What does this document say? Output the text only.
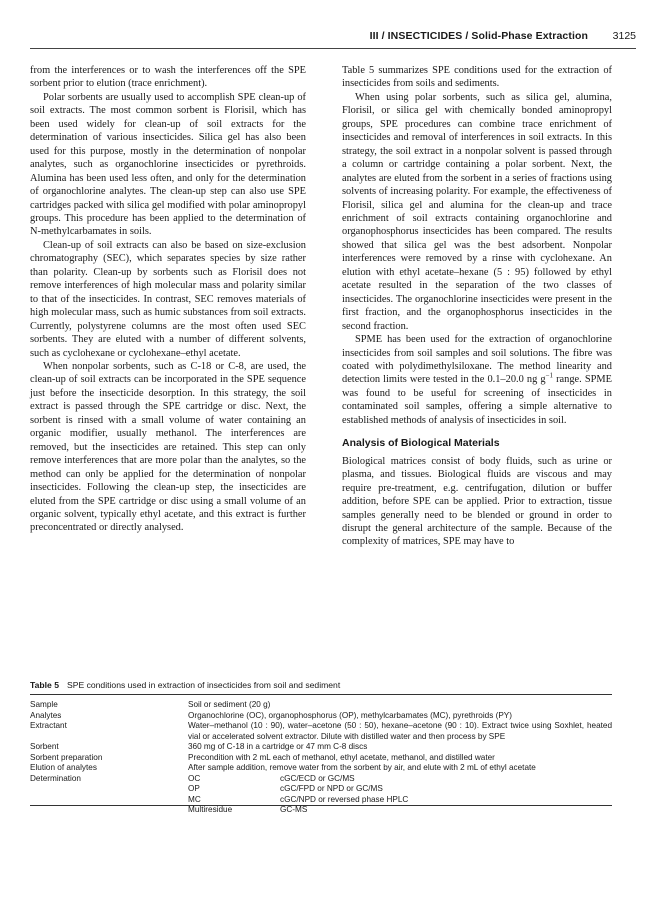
III / INSECTICIDES / Solid-Phase Extraction 3125

from the interferences or to wash the interferences off the SPE sorbent prior to elution (trace enrichment).

Polar sorbents are usually used to accomplish SPE clean-up of soil extracts. The most common sorbent is Florisil, which has been used widely for clean-up of soil extracts for the determination of various insecticides. Silica gel has also been used for this purpose, mostly in the determination of nonpolar analytes, such as organochlorine insecticides or pyrethroids. Alumina has been used less often, and only for the determination of organochlorine analytes. The clean-up step can also use SPE cartridges packed with silica gel modified with polar aminopropyl groups. This procedure has been applied to the determination of N-methylcarbamates in soils.

Clean-up of soil extracts can also be based on size-exclusion chromatography (SEC), which separates species by size rather than polarity. Clean-up by sorbents such as Florisil does not remove interferences of high molecular mass and polarity similar to that of the insecticides. In contrast, SEC removes materials of high molecular mass, such as humic substances from soil extracts. Currently, polystyrene columns are the most often used SEC sorbents. They are eluted with a number of different solvents, such as cyclohexane or cyclohexane–ethyl acetate.

When nonpolar sorbents, such as C-18 or C-8, are used, the clean-up of soil extracts can be incorporated in the SPE sequence just before the insecticide desorption. In this strategy, the soil extract is passed through the SPE cartridge or disc. Next, the sorbent is rinsed with a small volume of water containing an organic modifier, usually methanol. The interferences are removed, but the insecticides are retained. This step can only remove interferences that are more polar than the analytes, so the method can only be applied for the determination of nonpolar insecticides. Following the clean-up step, the insecticides are eluted from the SPE cartridge or disc using a small volume of an organic solvent, typically ethyl acetate, and this extract is further preconcentrated or directly analysed.

Table 5 summarizes SPE conditions used for the extraction of insecticides from soils and sediments.

When using polar sorbents, such as silica gel, alumina, Florisil, or silica gel with chemically bonded aminopropyl groups, SPE procedures can combine trace enrichment of insecticides and removal of interferences in soil extracts. In this strategy, the soil extract in a nonpolar solvent is passed through a column or cartridge containing a polar sorbent. Next, the analytes are eluted from the sorbent in a series of fractions using solvents of increasing polarity. For example, the effectiveness of Florisil, silica gel and alumina for the clean-up and trace enrichment of soil extracts containing organochlorine and organophosphorus insecticides has been compared. The results showed that silica gel was the best adsorbent. Nonpolar interferences were removed by a rinse with cyclohexane. An elution with ethyl acetate–hexane (5 : 95) followed by ethyl acetate resulted in the separation of the two classes of insecticides. The organochlorine insecticides were present in the first fraction, and the organophosphorus insecticides in the second fraction.

SPME has been used for the extraction of organochlorine insecticides from soil samples and soil solutions. The fibre was coated with polydimethylsiloxane. The method linearity and detection limits were tested in the 0.1–20.0 ng $g^{-1}$ range. SPME was found to be useful for screening of insecticides in contaminated soil samples, offering a simple alternative to established methods of analysis of insecticides in soil.

Analysis of Biological Materials

Biological matrices consist of body fluids, such as urine or plasma, and tissues. Biological fluids are viscous and may require pre-treatment, e.g. centrifugation, dilution or buffer addition, before SPE can be applied. Prior to extraction, tissue samples generally need to be blended or ground in order to disrupt the general architecture of the sample. Because of the complexity of matrices, SPE may have to

Table 5 SPE conditions used in extraction of insecticides from soil and sediment
Sample	Soil or sediment (20 g)
Analytes	Organochlorine (OC), organophosphorus (OP), methylcarbamates (MC), pyrethroids (PY)
Extractant	Water–methanol (10 : 90), water–acetone (50 : 50), hexane–acetone (90 : 10). Extract twice using Soxhlet, heated vial or accelerated solvent extractor. Dilute with distilled water and then process by SPE
Sorbent	360 mg of C-18 in a cartridge or 47 mm C-8 discs
Sorbent preparation	Precondition with 2 mL each of methanol, ethyl acetate, methanol, and distilled water
Elution of analytes	After sample addition, remove water from the sorbent by air, and elute with 2 mL of ethyl acetate
Determination	OC	cGC/ECD or GC/MS
OP	cGC/FPD or NPD or GC/MS
MC	cGC/NPD or reversed phase HPLC
Multiresidue	GC-MS
